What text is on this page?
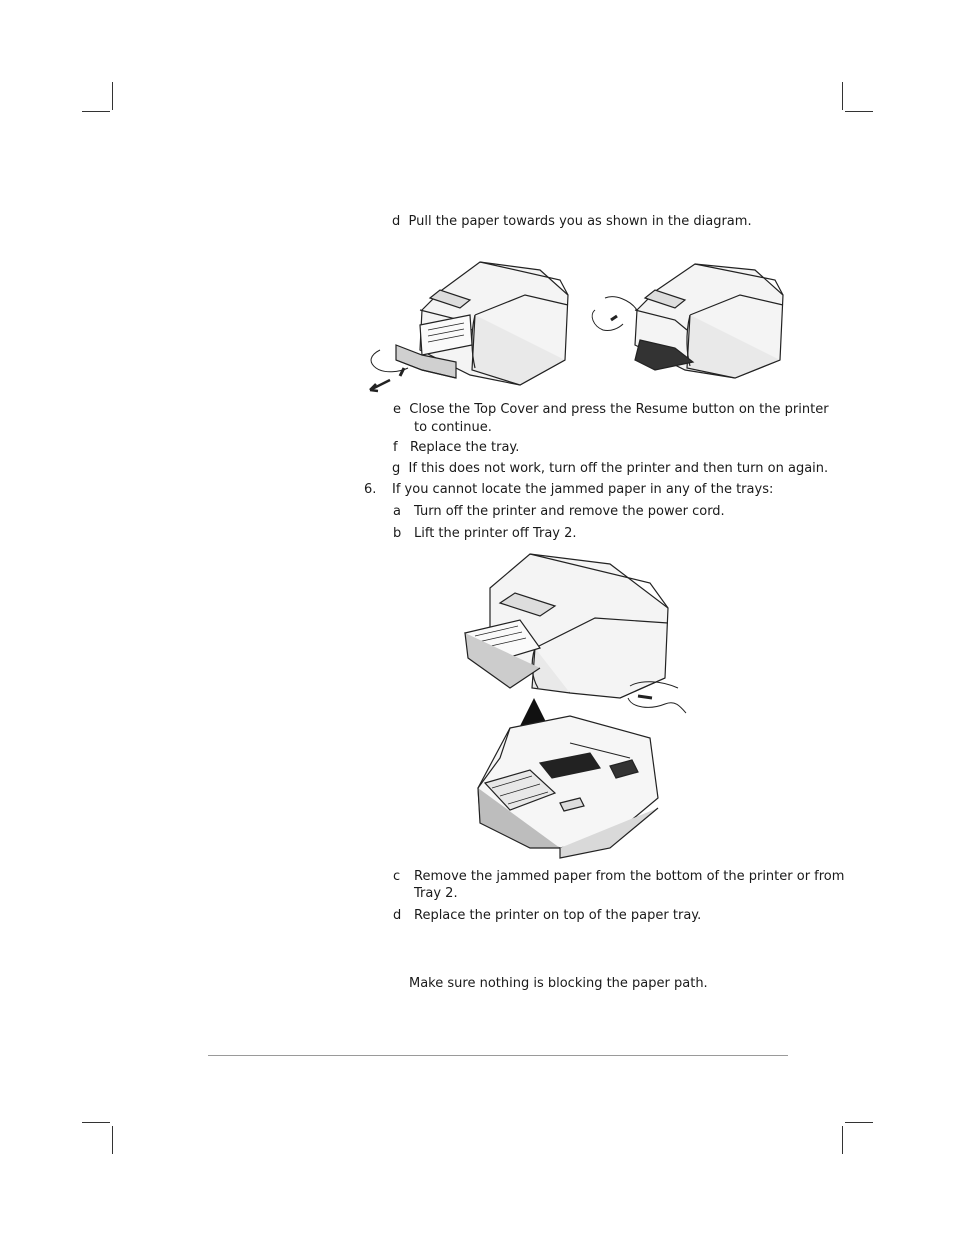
d Pull the paper towards you as shown in the diagram.
e Close the Top Cover and press the Resume button on the printer
to continue.
f Replace the tray.
g If this does not work, turn off the printer and then turn on again.
6. If you cannot locate the jammed paper in any of the trays:
a Turn off the printer and remove the power cord.
b Lift the printer off Tray 2.
c Remove the jammed paper from the bottom of the printer or from
Tray 2.
d Replace the printer on top of the paper tray.
Make sure nothing is blocking the paper path.
